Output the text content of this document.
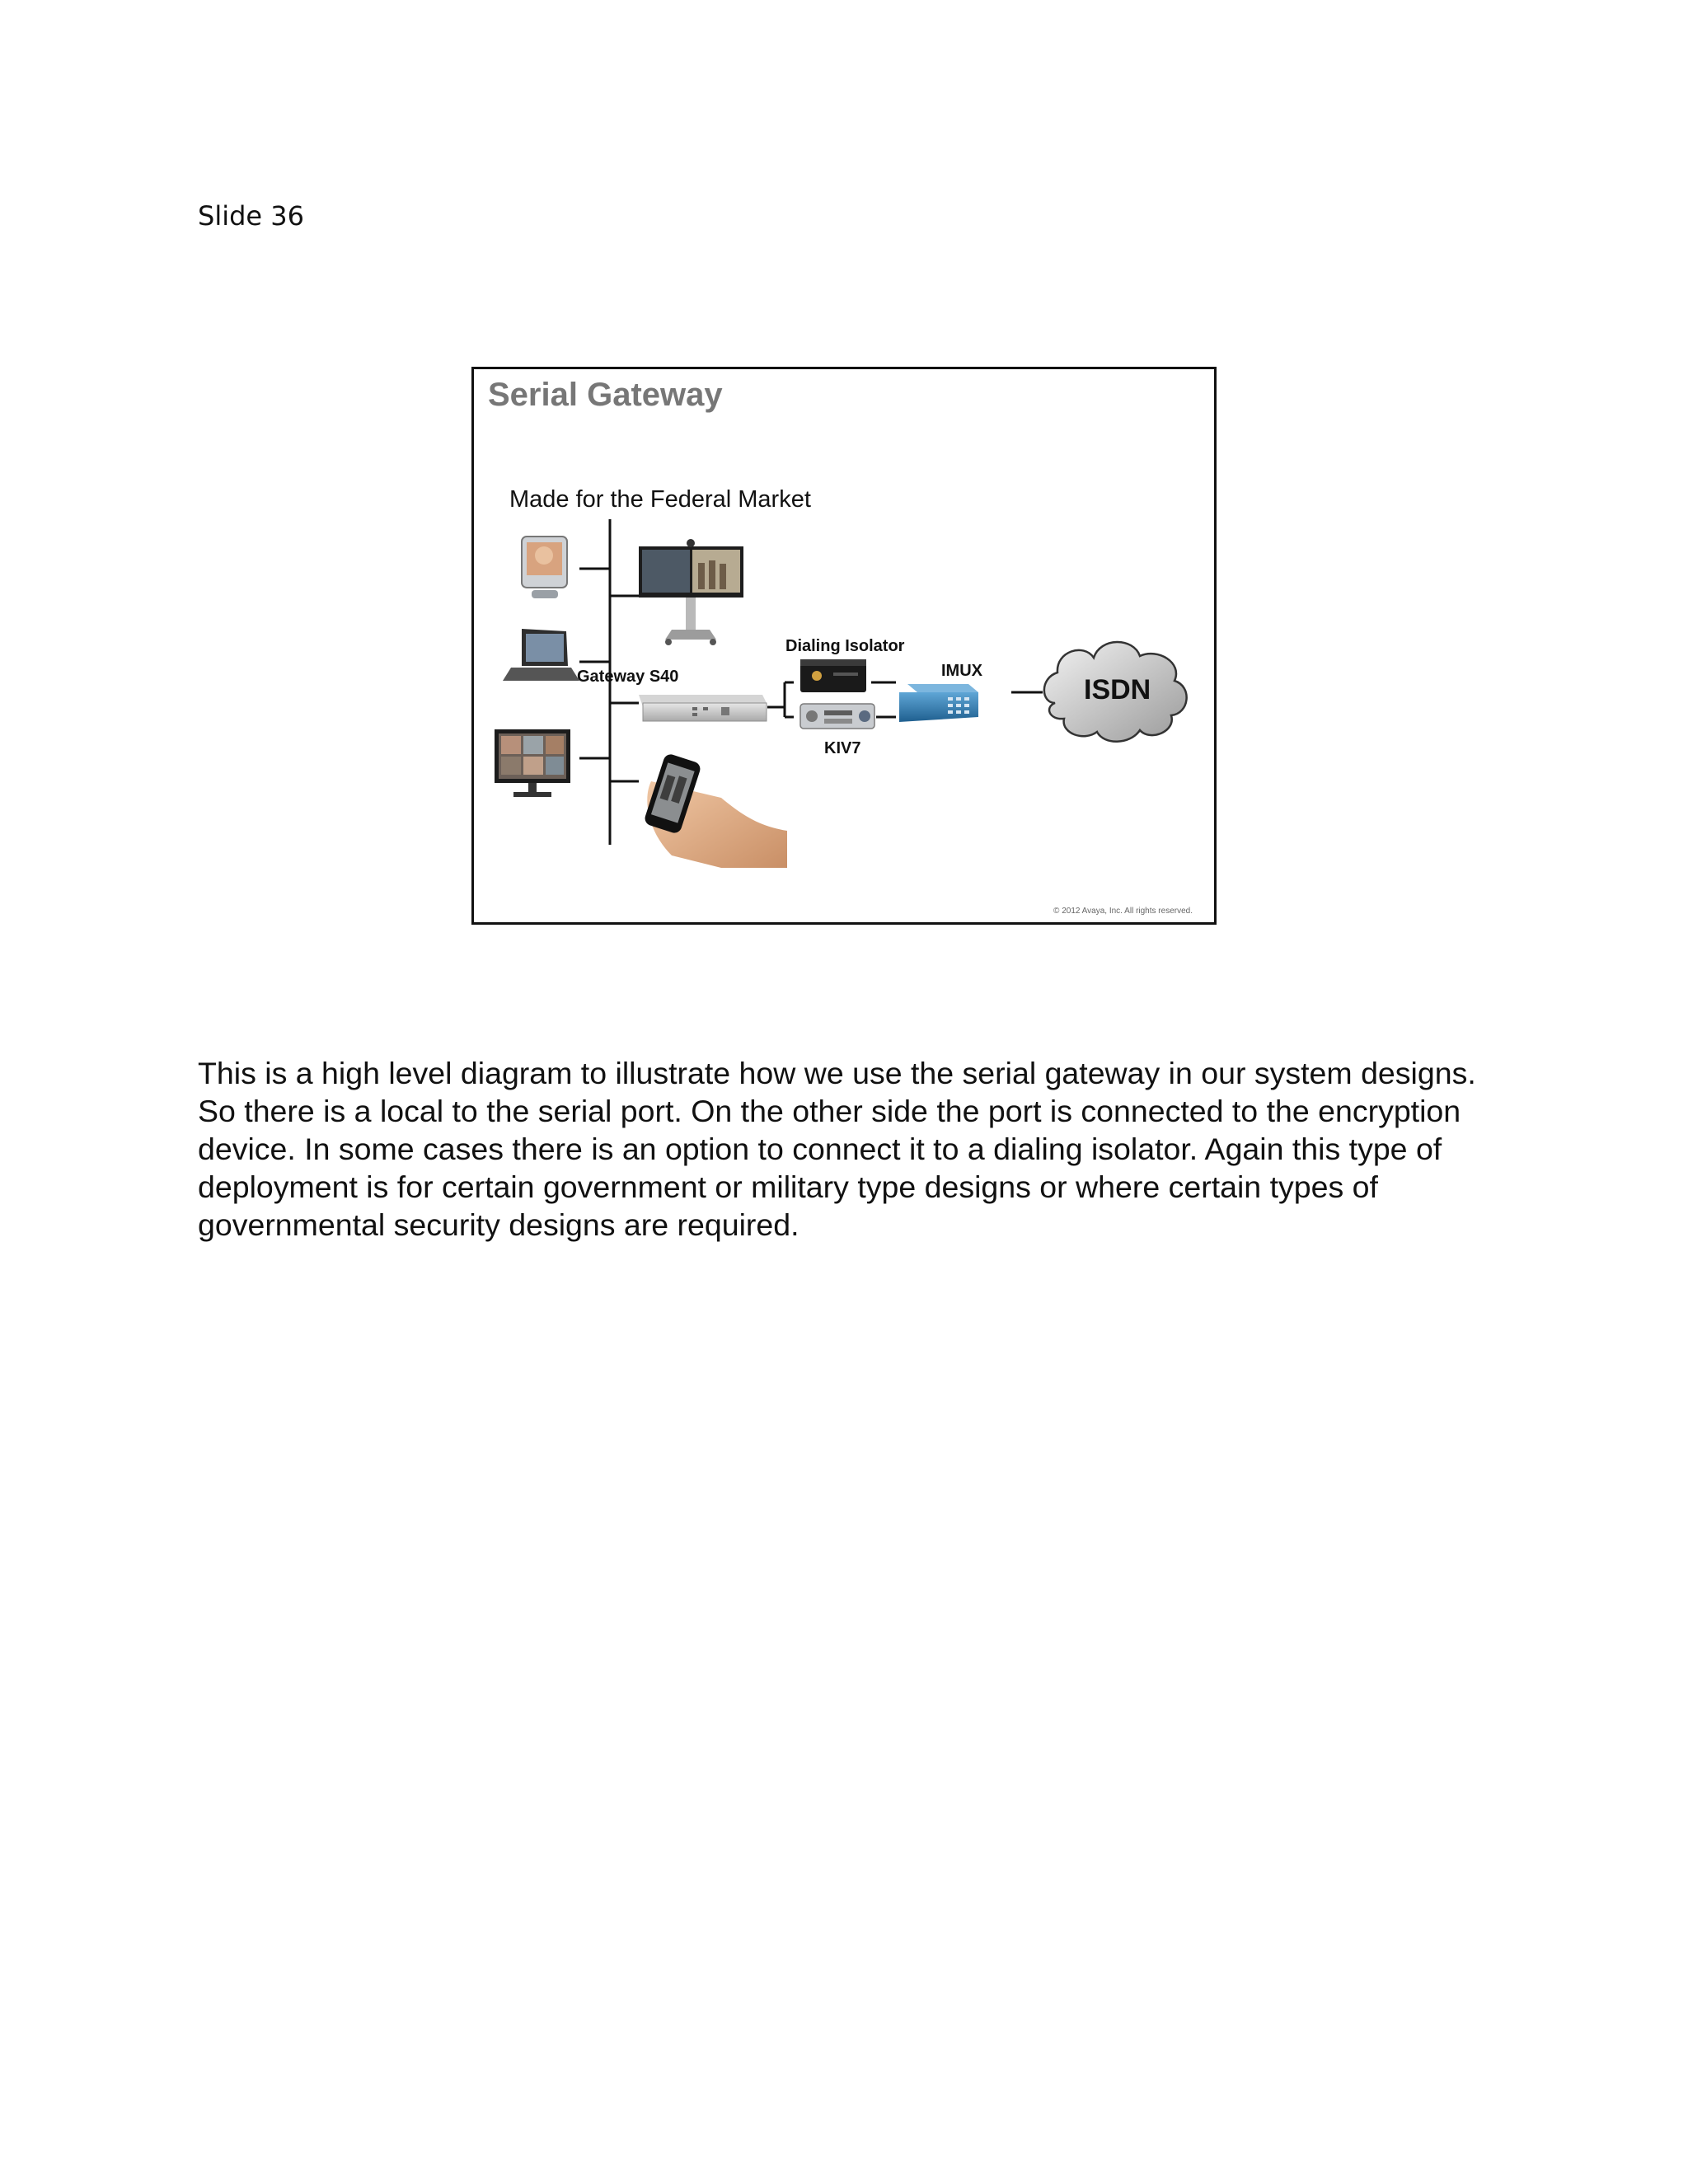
Slide 36
Serial Gateway
Made for the Federal Market
Gateway S40
Dialing Isolator
KIV7
IMUX
ISDN
© 2012 Avaya, Inc. All rights reserved.
This is a high level diagram to illustrate how we use the serial gateway in our system designs. So there is a local to the serial port. On the other side the port is connected to the encryption device. In some cases there is an option to connect it to a dialing isolator. Again this type of deployment is for certain government or military type designs or where certain types of governmental security designs are required.
